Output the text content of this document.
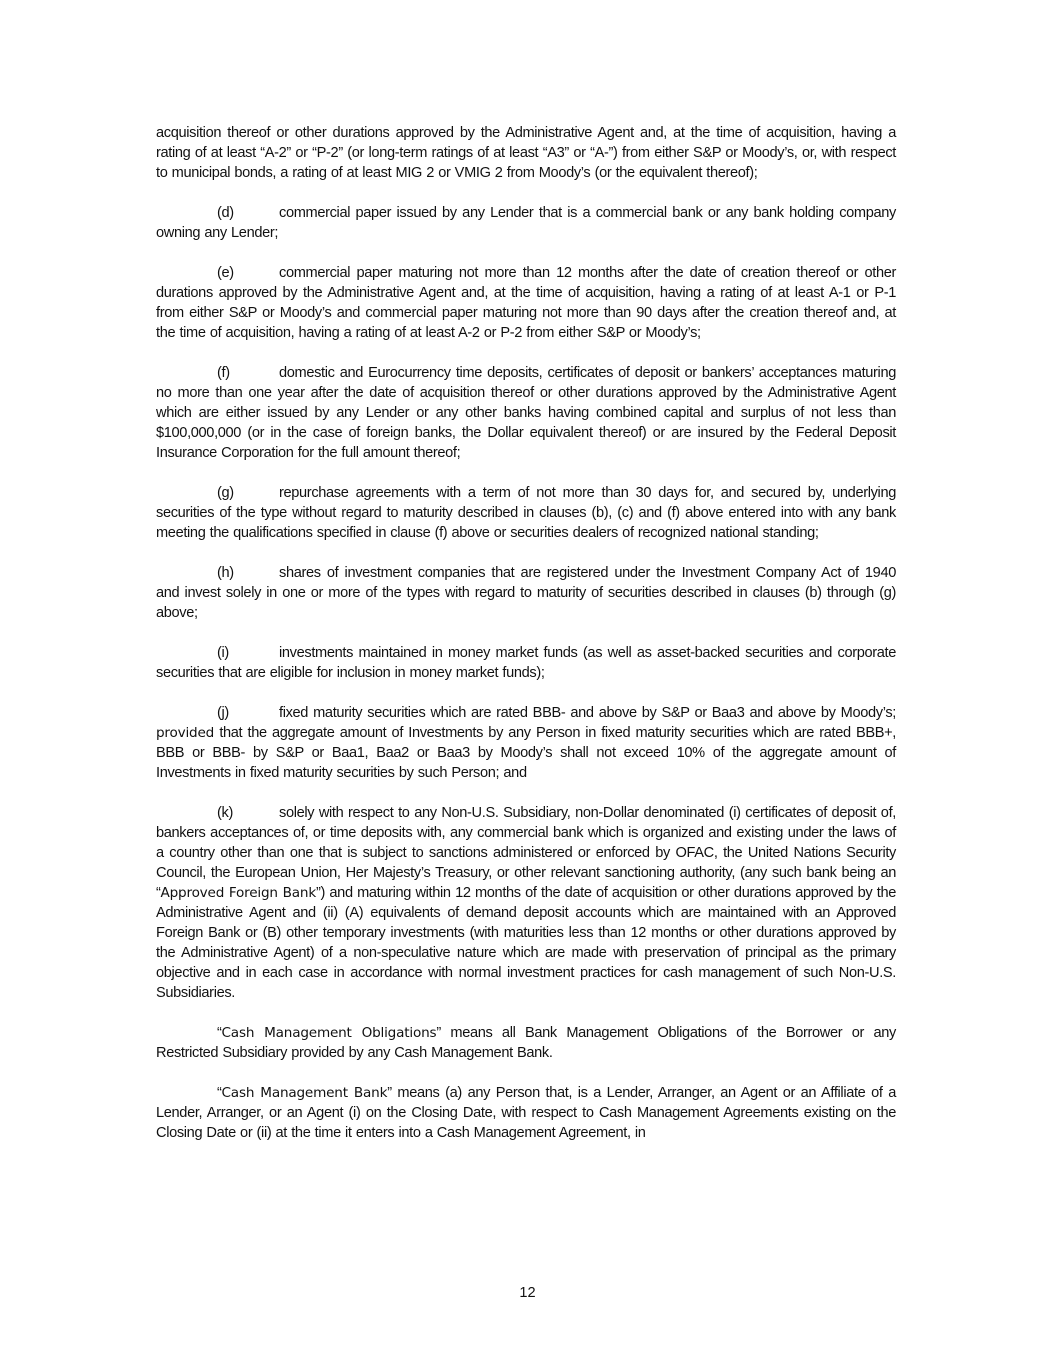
acquisition thereof or other durations approved by the Administrative Agent and, at the time of acquisition, having a rating of at least “A-2” or “P-2” (or long-term ratings of at least “A3” or “A-”) from either S&P or Moody’s, or, with respect to municipal bonds, a rating of at least MIG 2 or VMIG 2 from Moody’s (or the equivalent thereof);

(d)	commercial paper issued by any Lender that is a commercial bank or any bank holding company owning any Lender;

(e)	commercial paper maturing not more than 12 months after the date of creation thereof or other durations approved by the Administrative Agent and, at the time of acquisition, having a rating of at least A-1 or P-1 from either S&P or Moody’s and commercial paper maturing not more than 90 days after the creation thereof and, at the time of acquisition, having a rating of at least A-2 or P-2 from either S&P or Moody’s;

(f)	domestic and Eurocurrency time deposits, certificates of deposit or bankers’ acceptances maturing no more than one year after the date of acquisition thereof or other durations approved by the Administrative Agent which are either issued by any Lender or any other banks having combined capital and surplus of not less than $100,000,000 (or in the case of foreign banks, the Dollar equivalent thereof) or are insured by the Federal Deposit Insurance Corporation for the full amount thereof;

(g)	repurchase agreements with a term of not more than 30 days for, and secured by, underlying securities of the type without regard to maturity described in clauses (b), (c) and (f) above entered into with any bank meeting the qualifications specified in clause (f) above or securities dealers of recognized national standing;

(h)	shares of investment companies that are registered under the Investment Company Act of 1940 and invest solely in one or more of the types with regard to maturity of securities described in clauses (b) through (g) above;

(i)	investments maintained in money market funds (as well as asset-backed securities and corporate securities that are eligible for inclusion in money market funds);

(j)	fixed maturity securities which are rated BBB- and above by S&P or Baa3 and above by Moody’s; provided that the aggregate amount of Investments by any Person in fixed maturity securities which are rated BBB+, BBB or BBB- by S&P or Baa1, Baa2 or Baa3 by Moody’s shall not exceed 10% of the aggregate amount of Investments in fixed maturity securities by such Person; and

(k)	solely with respect to any Non-U.S. Subsidiary, non-Dollar denominated (i) certificates of deposit of, bankers acceptances of, or time deposits with, any commercial bank which is organized and existing under the laws of a country other than one that is subject to sanctions administered or enforced by OFAC, the United Nations Security Council, the European Union, Her Majesty’s Treasury, or other relevant sanctioning authority, (any such bank being an “Approved Foreign Bank”) and maturing within 12 months of the date of acquisition or other durations approved by the Administrative Agent and (ii) (A) equivalents of demand deposit accounts which are maintained with an Approved Foreign Bank or (B) other temporary investments (with maturities less than 12 months or other durations approved by the Administrative Agent) of a non-speculative nature which are made with preservation of principal as the primary objective and in each case in accordance with normal investment practices for cash management of such Non-U.S. Subsidiaries.

“Cash Management Obligations” means all Bank Management Obligations of the Borrower or any Restricted Subsidiary provided by any Cash Management Bank.

“Cash Management Bank” means (a) any Person that, is a Lender, Arranger, an Agent or an Affiliate of a Lender, Arranger, or an Agent (i) on the Closing Date, with respect to Cash Management Agreements existing on the Closing Date or (ii) at the time it enters into a Cash Management Agreement, in

12
